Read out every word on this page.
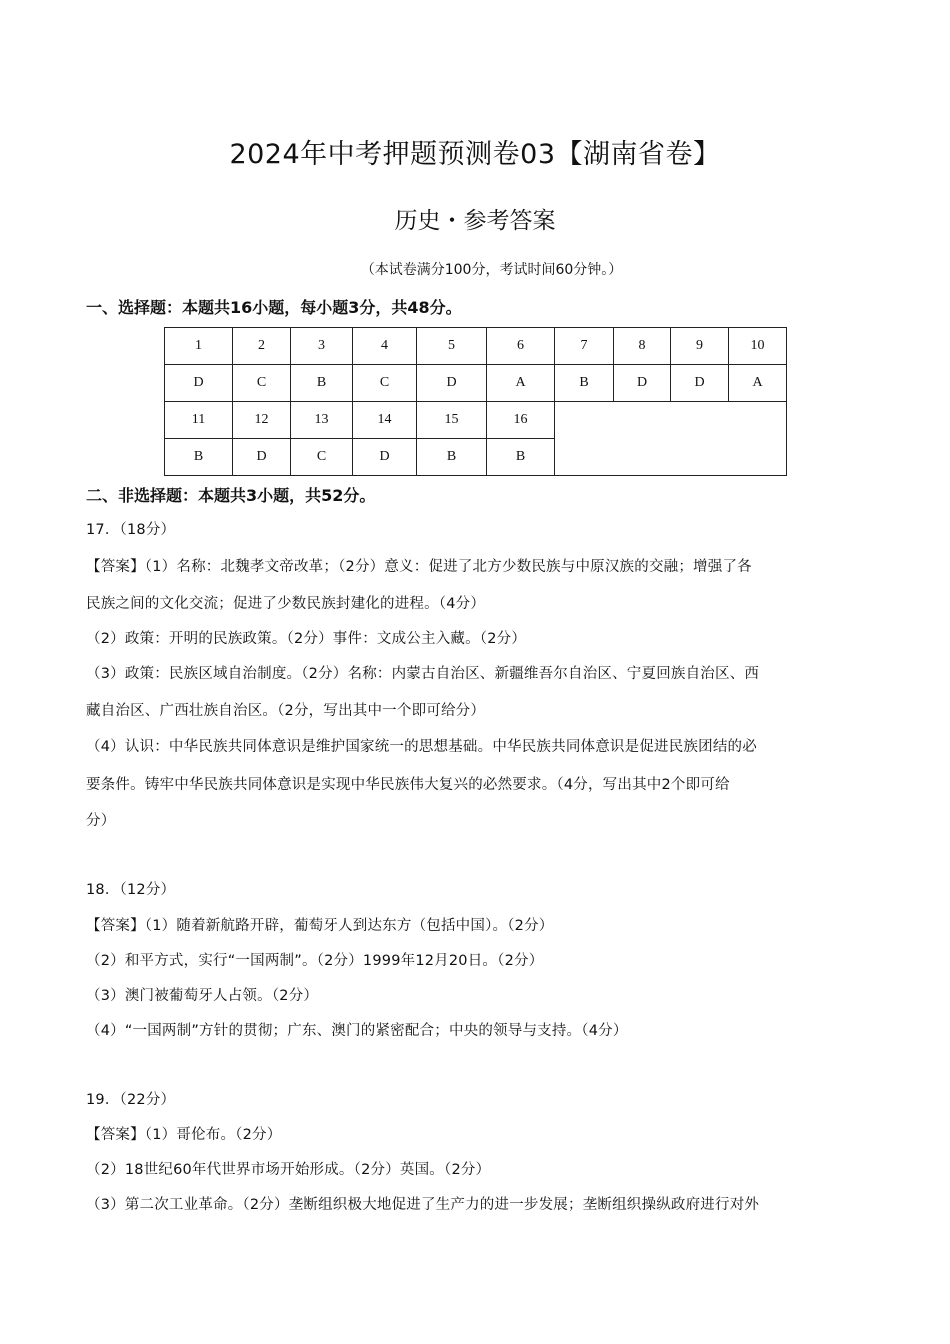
2024年中考押题预测卷03【湖南省卷】
历史・参考答案
（本试卷满分100分，考试时间60分钟。）
一、选择题：本题共16小题，每小题3分，共48分。
1	2	3	4	5	6	7	8	9	10
D	C	B	C	D	A	B	D	D	A
11	12	13	14	15	16				
B	D	C	D	B	B				
二、非选择题：本题共3小题，共52分。
17．（18分）
【答案】（1）名称：北魏孝文帝改革；（2分）意义：促进了北方少数民族与中原汉族的交融；增强了各
民族之间的文化交流；促进了少数民族封建化的进程。（4分）
（2）政策：开明的民族政策。（2分）事件：文成公主入藏。（2分）
（3）政策：民族区域自治制度。（2分）名称：内蒙古自治区、新疆维吾尔自治区、宁夏回族自治区、西
藏自治区、广西壮族自治区。（2分，写出其中一个即可给分）
（4）认识：中华民族共同体意识是维护国家统一的思想基础。中华民族共同体意识是促进民族团结的必
要条件。铸牢中华民族共同体意识是实现中华民族伟大复兴的必然要求。（4分，写出其中2个即可给
分）
18．（12分）
【答案】（1）随着新航路开辟，葡萄牙人到达东方（包括中国）。（2分）
（2）和平方式，实行“一国两制”。（2分）1999年12月20日。（2分）
（3）澳门被葡萄牙人占领。（2分）
（4）“一国两制”方针的贯彻；广东、澳门的紧密配合；中央的领导与支持。（4分）
19．（22分）
【答案】（1）哥伦布。（2分）
（2）18世纪60年代世界市场开始形成。（2分）英国。（2分）
（3）第二次工业革命。（2分）垄断组织极大地促进了生产力的进一步发展；垄断组织操纵政府进行对外
